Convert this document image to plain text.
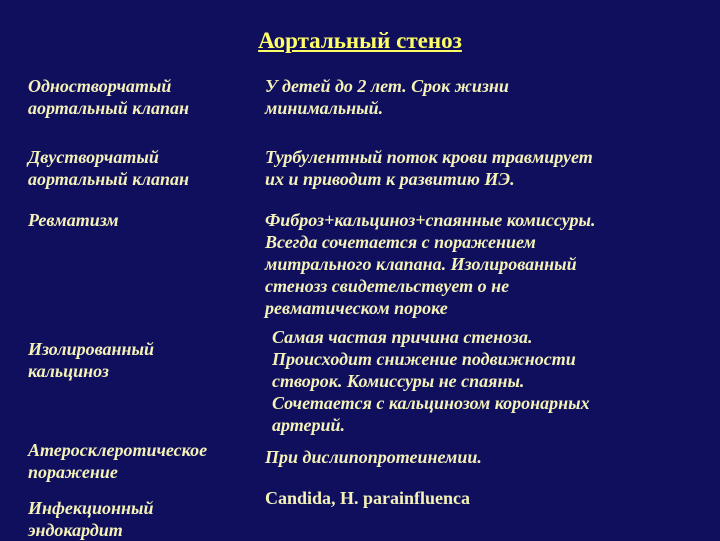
Аортальный стеноз
Одностворчатый
аортальный клапан
У детей до 2 лет. Срок жизни
минимальный.
Двустворчатый
аортальный клапан
Турбулентный поток крови травмирует
их и приводит к развитию ИЭ.
Ревматизм	Фиброз+кальциноз+спаянные комиссуры.
Всегда сочетается с поражением
митрального клапана. Изолированный
стенозз свидетельствует о не
ревматическом пороке
Изолированный
кальциноз
Самая частая причина стеноза.
Происходит снижение подвижности
створок. Комиссуры не спаяны.
Сочетается с кальцинозом коронарных
артерий.
Атеросклеротическое
поражение
При дислипопротеинемии.
Инфекционный
эндокардит
Candida, H. parainfluenca
